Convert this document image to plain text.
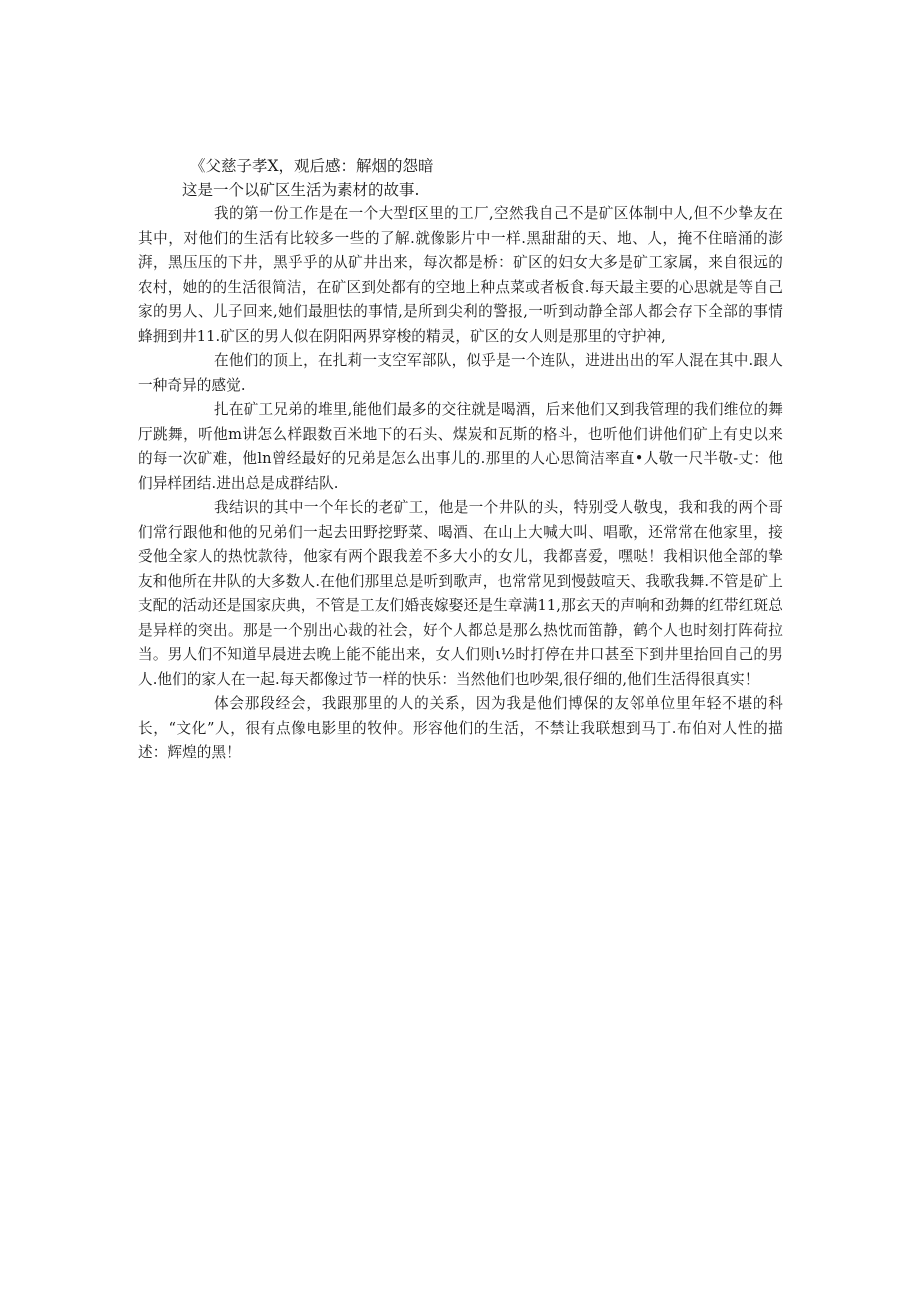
《父慈子孝X，观后感：解烟的怨暗
这是一个以矿区生活为素材的故事.

我的第一份工作是在一个大型f区里的工厂,空然我自己不是矿区体制中人,但不少挚友在其中，对他们的生活有比较多一些的了解.就像影片中一样.黑甜甜的天、地、人，掩不住暗涌的澎湃，黑压压的下井，黑乎乎的从矿井出来，每次都是桥：矿区的妇女大多是矿工家属，来自很远的农村，她的的生活很简洁，在矿区到处都有的空地上种点菜或者板食.每天最主要的心思就是等自己家的男人、儿子回来,她们最胆怯的事情,是所到尖利的警报,一听到动静全部人都会存下全部的事情蜂拥到井11.矿区的男人似在阴阳两界穿梭的精灵，矿区的女人则是那里的守护神,

在他们的顶上，在扎莉一支空军部队，似乎是一个连队，进进出出的军人混在其中.跟人一种奇异的感觉.

扎在矿工兄弟的堆里,能他们最多的交往就是喝酒，后来他们又到我管理的我们维位的舞厅跳舞，听他m讲怎么样跟数百米地下的石头、煤炭和瓦斯的格斗，也听他们讲他们矿上有史以来的每一次矿难，他ln曾经最好的兄弟是怎么出事儿的.那里的人心思简洁率直•人敬一尺半敬-丈：他们异样团结.进出总是成群结队.

我结识的其中一个年长的老矿工，他是一个井队的头，特别受人敬曳，我和我的两个哥们常行跟他和他的兄弟们一起去田野挖野菜、喝酒、在山上大喊大叫、唱歌，还常常在他家里，接受他全家人的热忱款待，他家有两个跟我差不多大小的女儿，我都喜爱，嘿哒！我相识他全部的挚友和他所在井队的大多数人.在他们那里总是听到歌声，也常常见到慢鼓喧天、我歌我舞.不管是矿上支配的活动还是国家庆典，不管是工友们婚丧嫁娶还是生章满11,那玄天的声响和劲舞的红带红斑总是异样的突出。那是一个别出心裁的社会，好个人都总是那么热忱而笛静，鹤个人也时刻打阵荷拉当。男人们不知道早晨进去晚上能不能出来，女人们则ι½时打停在井口甚至下到井里抬回自己的男人.他们的家人在一起.每天都像过节一样的快乐：当然他们也吵架,很仔细的,他们生活得很真实！

体会那段经会，我跟那里的人的关系，因为我是他们博保的友邻单位里年轻不堪的科长，“文化”人，很有点像电影里的牧仲。形容他们的生活，不禁让我联想到马丁.布伯对人性的描述：辉煌的黑！
